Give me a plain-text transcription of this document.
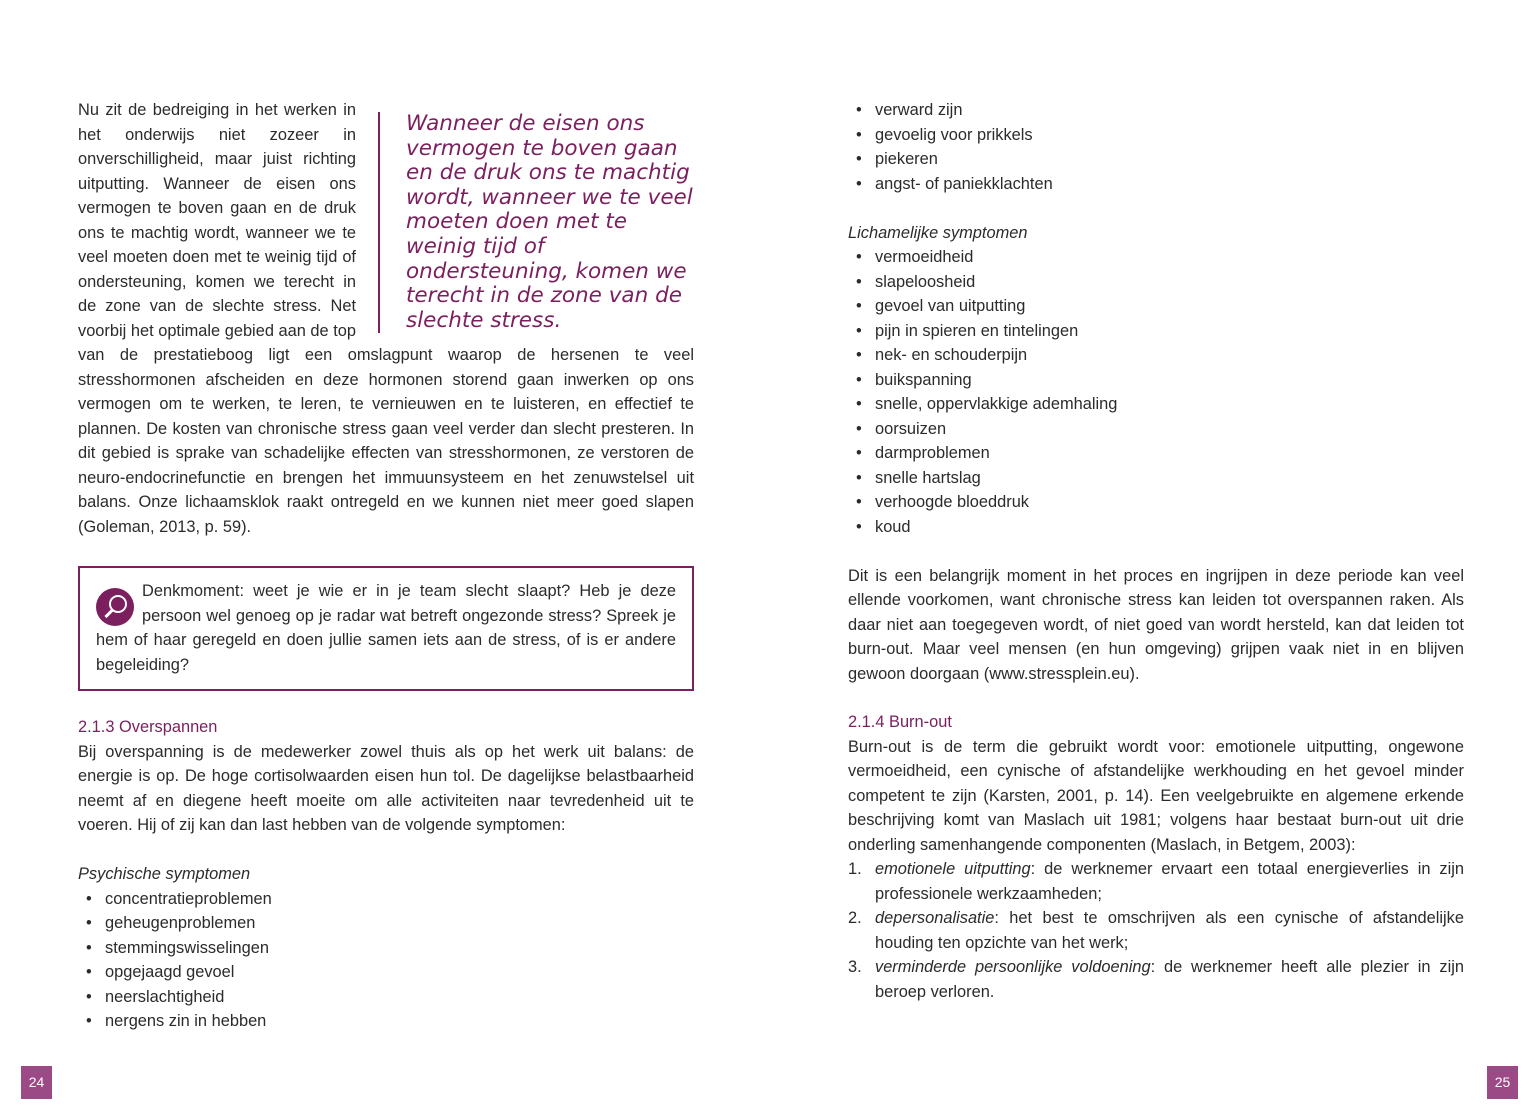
Wanneer de eisen ons vermogen te boven gaan en de druk ons te machtig wordt, wanneer we te veel moeten doen met te weinig tijd of ondersteuning, komen we terecht in de zone van de slechte stress.

Nu zit de bedreiging in het werken in het onderwijs niet zozeer in onverschilligheid, maar juist richting uitputting. Wanneer de eisen ons vermogen te boven gaan en de druk ons te machtig wordt, wanneer we te veel moeten doen met te weinig tijd of ondersteuning, komen we terecht in de zone van de slechte stress. Net voorbij het optimale gebied aan de top van de prestatieboog ligt een omslagpunt waarop de hersenen te veel stresshormonen afscheiden en deze hormonen storend gaan inwerken op ons vermogen om te werken, te leren, te vernieuwen en te luisteren, en effectief te plannen. De kosten van chronische stress gaan veel verder dan slecht presteren. In dit gebied is sprake van schadelijke effecten van stresshormonen, ze verstoren de neuro-endocrinefunctie en brengen het immuunsysteem en het zenuwstelsel uit balans. Onze lichaamsklok raakt ontregeld en we kunnen niet meer goed slapen (Goleman, 2013, p. 59).

Denkmoment: weet je wie er in je team slecht slaapt? Heb je deze persoon wel genoeg op je radar wat betreft ongezonde stress? Spreek je hem of haar geregeld en doen jullie samen iets aan de stress, of is er andere begeleiding?

2.1.3 Overspannen

Bij overspanning is de medewerker zowel thuis als op het werk uit balans: de energie is op. De hoge cortisolwaarden eisen hun tol. De dagelijkse belastbaarheid neemt af en diegene heeft moeite om alle activiteiten naar tevredenheid uit te voeren. Hij of zij kan dan last hebben van de volgende symptomen:

Psychische symptomen
• concentratieproblemen
• geheugenproblemen
• stemmingswisselingen
• opgejaagd gevoel
• neerslachtigheid
• nergens zin in hebben
24
• verward zijn
• gevoelig voor prikkels
• piekeren
• angst- of paniekklachten
Lichamelijke symptomen
• vermoeidheid
• slapeloosheid
• gevoel van uitputting
• pijn in spieren en tintelingen
• nek- en schouderpijn
• buikspanning
• snelle, oppervlakkige ademhaling
• oorsuizen
• darmproblemen
• snelle hartslag
• verhoogde bloeddruk
• koud

Dit is een belangrijk moment in het proces en ingrijpen in deze periode kan veel ellende voorkomen, want chronische stress kan leiden tot overspannen raken. Als daar niet aan toegegeven wordt, of niet goed van wordt hersteld, kan dat leiden tot burn-out. Maar veel mensen (en hun omgeving) grijpen vaak niet in en blijven gewoon doorgaan (www.stressplein.eu).

2.1.4 Burn-out

Burn-out is de term die gebruikt wordt voor: emotionele uitputting, ongewone vermoeidheid, een cynische of afstandelijke werkhouding en het gevoel minder competent te zijn (Karsten, 2001, p. 14). Een veelgebruikte en algemene erkende beschrijving komt van Maslach uit 1981; volgens haar bestaat burn-out uit drie onderling samenhangende componenten (Maslach, in Betgem, 2003):

1. emotionele uitputting: de werknemer ervaart een totaal energieverlies in zijn professionele werkzaamheden;
2. depersonalisatie: het best te omschrijven als een cynische of afstandelijke houding ten opzichte van het werk;
3. verminderde persoonlijke voldoening: de werknemer heeft alle plezier in zijn beroep verloren.
25
